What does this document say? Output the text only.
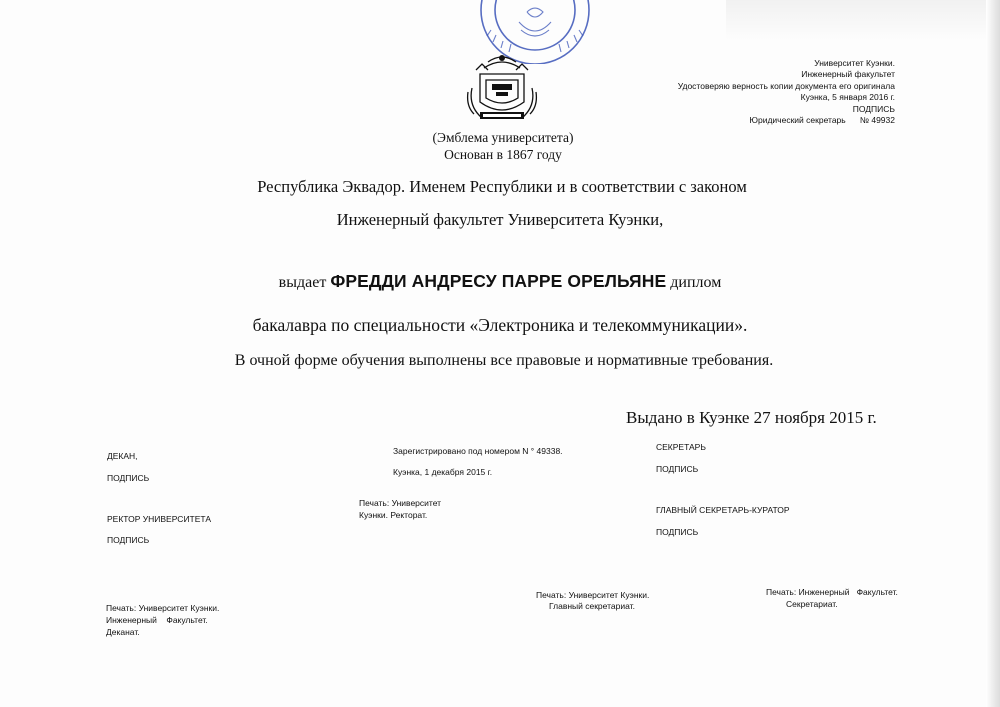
(Эмблема университета)
Основан в 1867 году
Университет Куэнки.
Инженерный факультет
Удостоверяю верность копии документа его оригинала
Куэнка, 5 января 2016 г.
ПОДПИСЬ
Юридический секретарь      № 49932
Республика Эквадор. Именем Республики и в соответствии с законом
Инженерный факультет Университета Куэнки,
выдает ФРЕДДИ АНДРЕСУ ПАРРЕ ОРЕЛЬЯНЕ диплом
бакалавра по специальности «Электроника и телекоммуникации».
В очной форме обучения выполнены все правовые и нормативные требования.
Выдано в Куэнке 27 ноября 2015 г.
ДЕКАН,
ПОДПИСЬ
РЕКТОР УНИВЕРСИТЕТА
ПОДПИСЬ
Зарегистрировано под номером N ° 49338.
Куэнка, 1 декабря 2015 г.
Печать: Университет
Куэнки. Ректорат.
СЕКРЕТАРЬ
ПОДПИСЬ
ГЛАВНЫЙ СЕКРЕТАРЬ-КУРАТОР
ПОДПИСЬ
Печать: Университет Куэнки.
Инженерный    Факультет.
Деканат.
Печать: Университет Куэнки.
Главный секретариат.
Печать: Инженерный   Факультет.
Секретариат.
